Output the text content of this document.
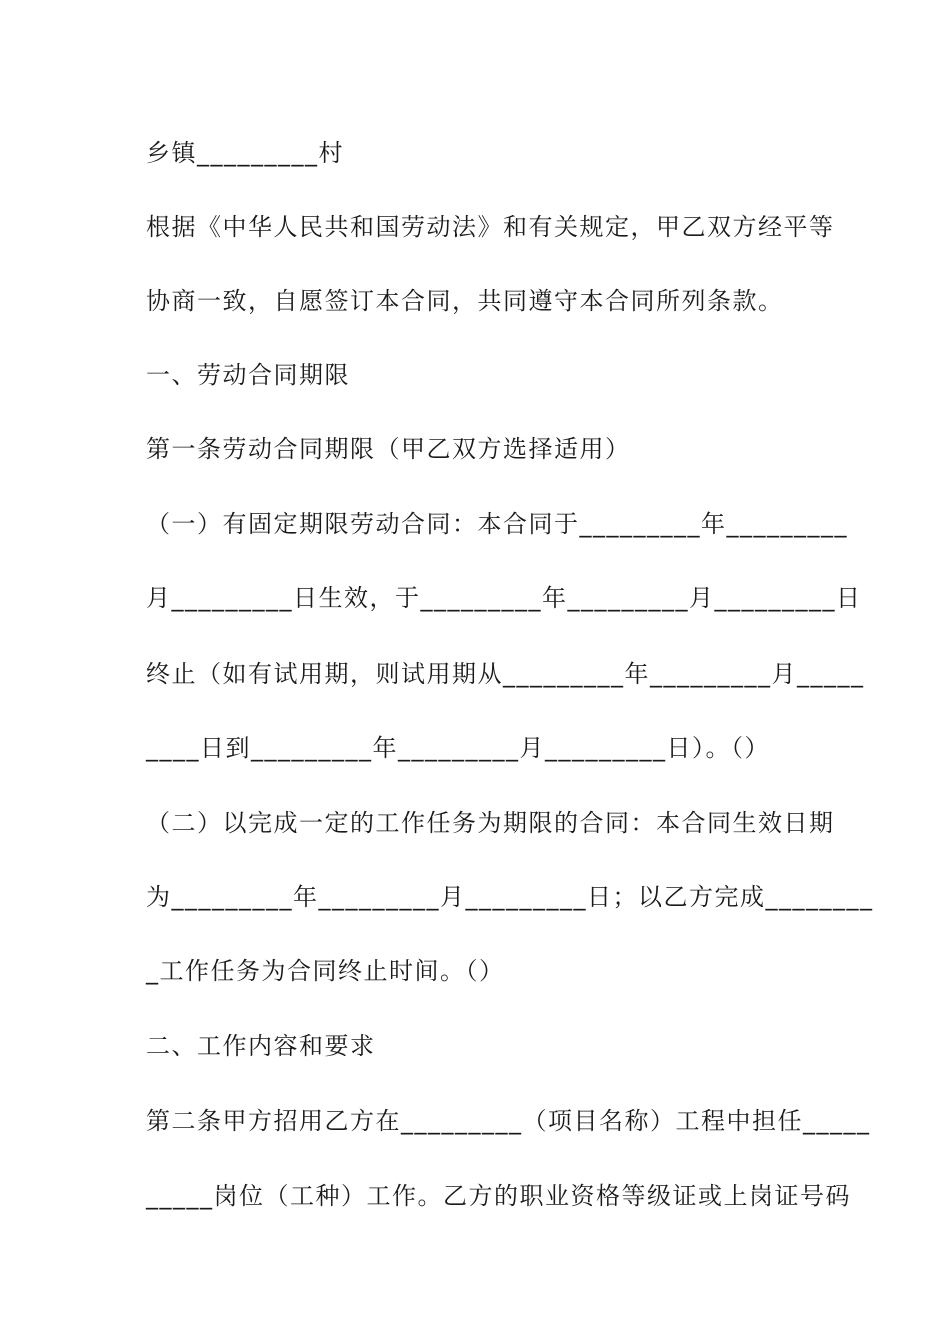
乡镇_________村

根据《中华人民共和国劳动法》和有关规定，甲乙双方经平等

协商一致，自愿签订本合同，共同遵守本合同所列条款。

一、劳动合同期限

第一条劳动合同期限（甲乙双方选择适用）

（一）有固定期限劳动合同：本合同于_________年_________

月_________日生效，于_________年_________月_________日

终止（如有试用期，则试用期从_________年_________月_____

____日到_________年_________月_________日）。（）

（二）以完成一定的工作任务为期限的合同：本合同生效日期

为_________年_________月_________日；以乙方完成________

_工作任务为合同终止时间。（）

二、工作内容和要求

第二条甲方招用乙方在_________（项目名称）工程中担任_____

_____岗位（工种）工作。乙方的职业资格等级证或上岗证号码
